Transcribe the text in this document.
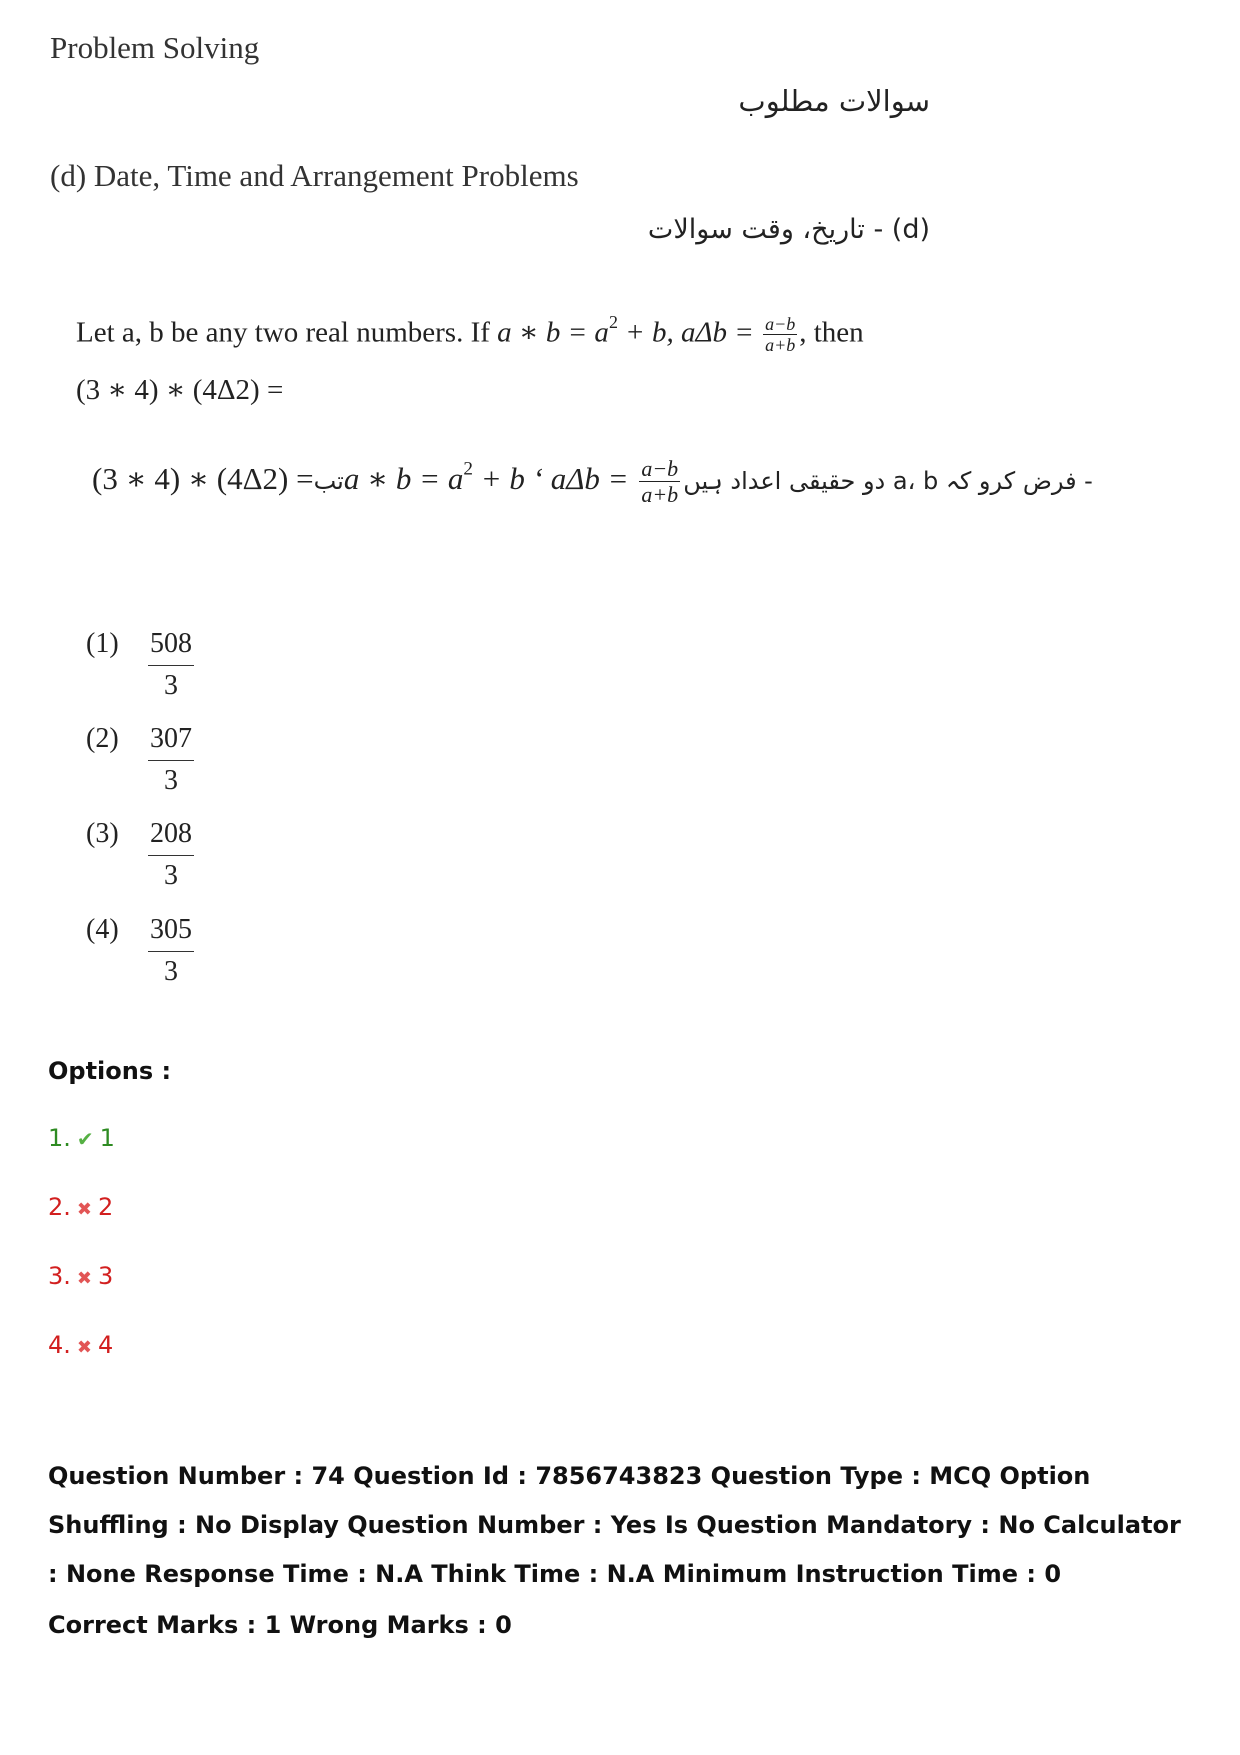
Problem Solving
سوالات مطلوب
(d) Date, Time and Arrangement Problems
(d) - تاریخ، وقت سوالات
Let a, b be any two real numbers. If a ∗ $b = a^2 + b$, $a\Delta b = \frac{a-b}{a+b}$ , then
(3 ∗ 4) ∗ (4Δ2) =
(3 ∗ 4) ∗ (4Δ2) =تبa ∗ $b = a^2 + b$ ‘ $a\Delta b = \frac{a-b}{a+b}$ - فرض کرو کہ a، b دو حقیقی اعداد ہیں
$(1) \frac{508}{3}$
$(2) \frac{307}{3}$
$(3) \frac{208}{3}$
$(4) \frac{305}{3}$
Options :
1. ✔ 1
2. ✖ 2
3. ✖ 3
4. ✖ 4
Question Number : 74 Question Id : 7856743823 Question Type : MCQ Option Shuffling : No Display Question Number : Yes Is Question Mandatory : No Calculator : None Response Time : N.A Think Time : N.A Minimum Instruction Time : 0
Correct Marks : 1 Wrong Marks : 0
